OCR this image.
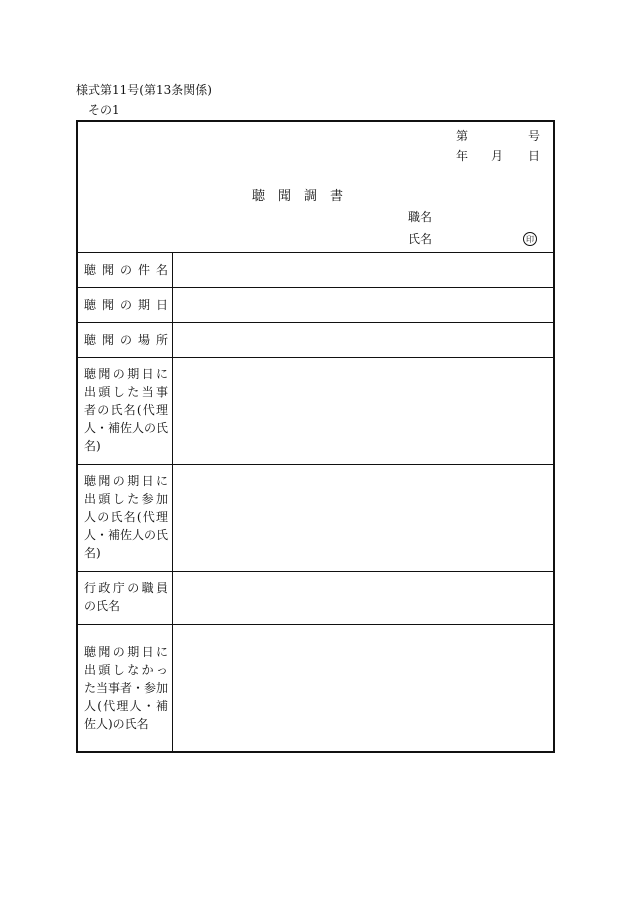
様式第11号(第13条関係)
その1
第	号
年 月 日
聴　聞　調　書
職名
氏名	印
聴聞の件名
聴聞の期日
聴聞の場所
聴聞の期日に
出頭した当事
者の氏名(代理
人・補佐人の氏
名)
聴聞の期日に
出頭した参加
人の氏名(代理
人・補佐人の氏
名)
行政庁の職員
の氏名
聴聞の期日に
出頭しなかっ
た当事者・参加
人(代理人・補
佐人)の氏名
